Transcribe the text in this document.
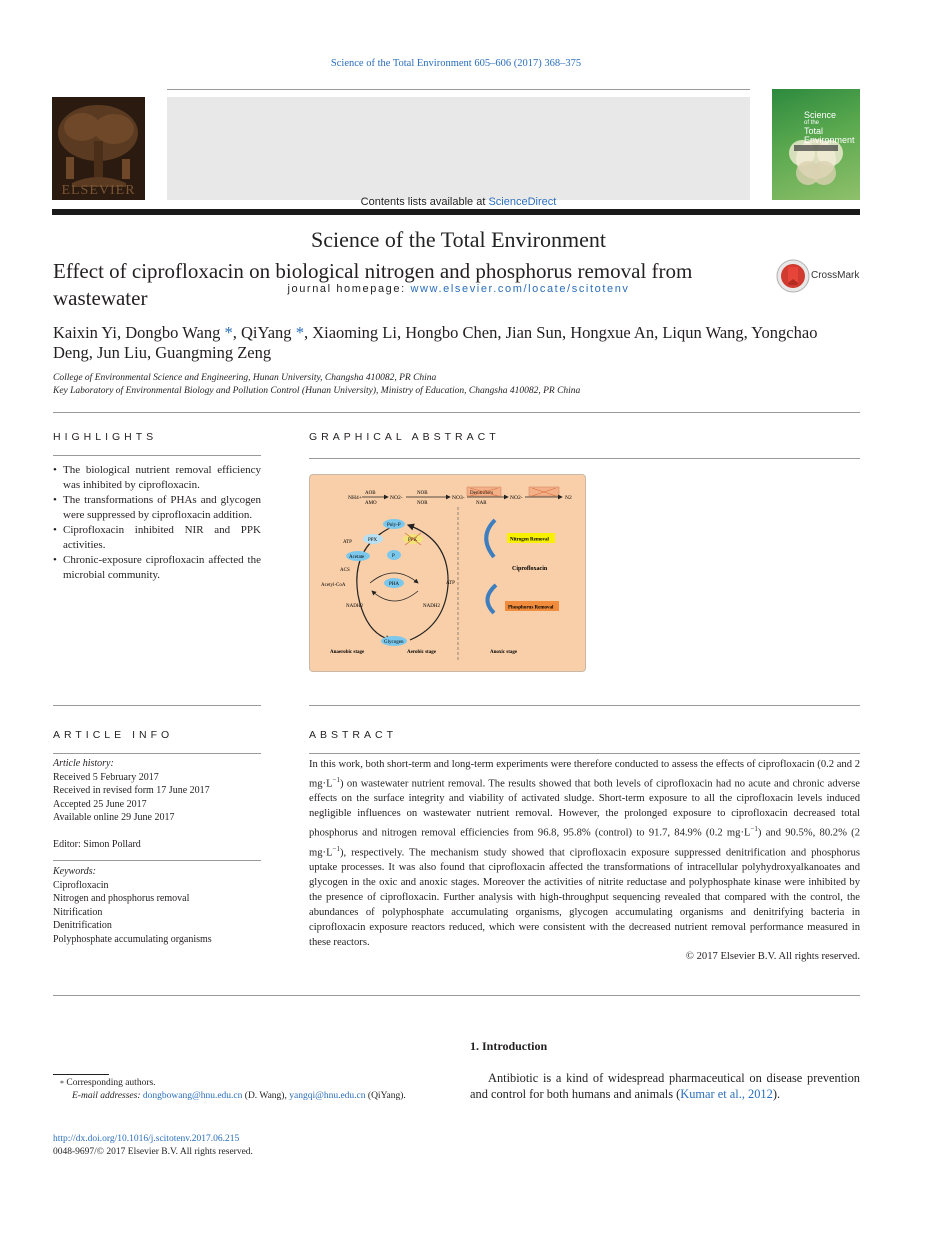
Science of the Total Environment 605–606 (2017) 368–375
ELSEVIER
Contents lists available at ScienceDirect
Science of the Total Environment
journal homepage: www.elsevier.com/locate/scitotenv
Science
of the
Total Environment
Effect of ciprofloxacin on biological nitrogen and phosphorus removal from wastewater
CrossMark
Kaixin Yi, Dongbo Wang *, QiYang *, Xiaoming Li, Hongbo Chen, Jian Sun, Hongxue An, Liqun Wang, Yongchao Deng, Jun Liu, Guangming Zeng
College of Environmental Science and Engineering, Hunan University, Changsha 410082, PR China
Key Laboratory of Environmental Biology and Pollution Control (Hunan University), Ministry of Education, Changsha 410082, PR China
HIGHLIGHTS
• The biological nutrient removal efficiency was inhibited by ciprofloxacin.
• The transformations of PHAs and glycogen were suppressed by ciprofloxacin addition.
• Ciprofloxacin inhibited NIR and PPK activities.
• Chronic-exposure ciprofloxacin affected the microbial community.
GRAPHICAL ABSTRACT
NH4+
AOB
AMO
NO2-
NOB
NOR
NO3-
Denitrifiers
NAR
NO2-	N2
Poly-P
PPX	PPK
ATP
Acetate	P
ACS
Acetyl-CoA	PHA	ATP
NADH2	NADH2
Glycogen
Anaerobic stage	Aerobic stage	Anoxic stage
Nitrogen Removal
Ciprofloxacin
Phosphorus Removal
ARTICLE INFO
Article history:
Received 5 February 2017
Received in revised form 17 June 2017
Accepted 25 June 2017
Available online 29 June 2017
Editor: Simon Pollard
Keywords:
Ciprofloxacin
Nitrogen and phosphorus removal
Nitrification
Denitrification
Polyphosphate accumulating organisms
ABSTRACT
In this work, both short-term and long-term experiments were therefore conducted to assess the effects of ciprofloxacin (0.2 and 2 $mg\cdot L^{-1}$) on wastewater nutrient removal. The results showed that both levels of ciprofloxacin had no acute and chronic adverse effects on the surface integrity and viability of activated sludge. Short-term exposure to all the ciprofloxacin levels induced negligible influences on wastewater nutrient removal. However, the prolonged exposure to ciprofloxacin decreased total phosphorus and nitrogen removal efficiencies from 96.8, 95.8% (control) to 91.7, 84.9% (0.2 $mg\cdot L^{-1}$) and 90.5%, 80.2% (2 $mg\cdot L^{-1}$), respectively. The mechanism study showed that ciprofloxacin exposure suppressed denitrification and phosphorus uptake processes. It was also found that ciprofloxacin affected the transformations of intracellular polyhydroxyalkanoates and glycogen in the oxic and anoxic stages. Moreover the activities of nitrite reductase and polyphosphate kinase were inhibited by the presence of ciprofloxacin. Further analysis with high-throughput sequencing revealed that compared with the control, the abundances of polyphosphate accumulating organisms, glycogen accumulating organisms and denitrifying bacteria in ciprofloxacin exposure reactors reduced, which were consistent with the decreased nutrient removal performance measured in these reactors.
© 2017 Elsevier B.V. All rights reserved.
* Corresponding authors.
E-mail addresses: dongbowang@hnu.edu.cn (D. Wang), yangqi@hnu.edu.cn (QiYang).
http://dx.doi.org/10.1016/j.scitotenv.2017.06.215
0048-9697/© 2017 Elsevier B.V. All rights reserved.
1. Introduction
Antibiotic is a kind of widespread pharmaceutical on disease prevention and control for both humans and animals (Kumar et al., 2012).
